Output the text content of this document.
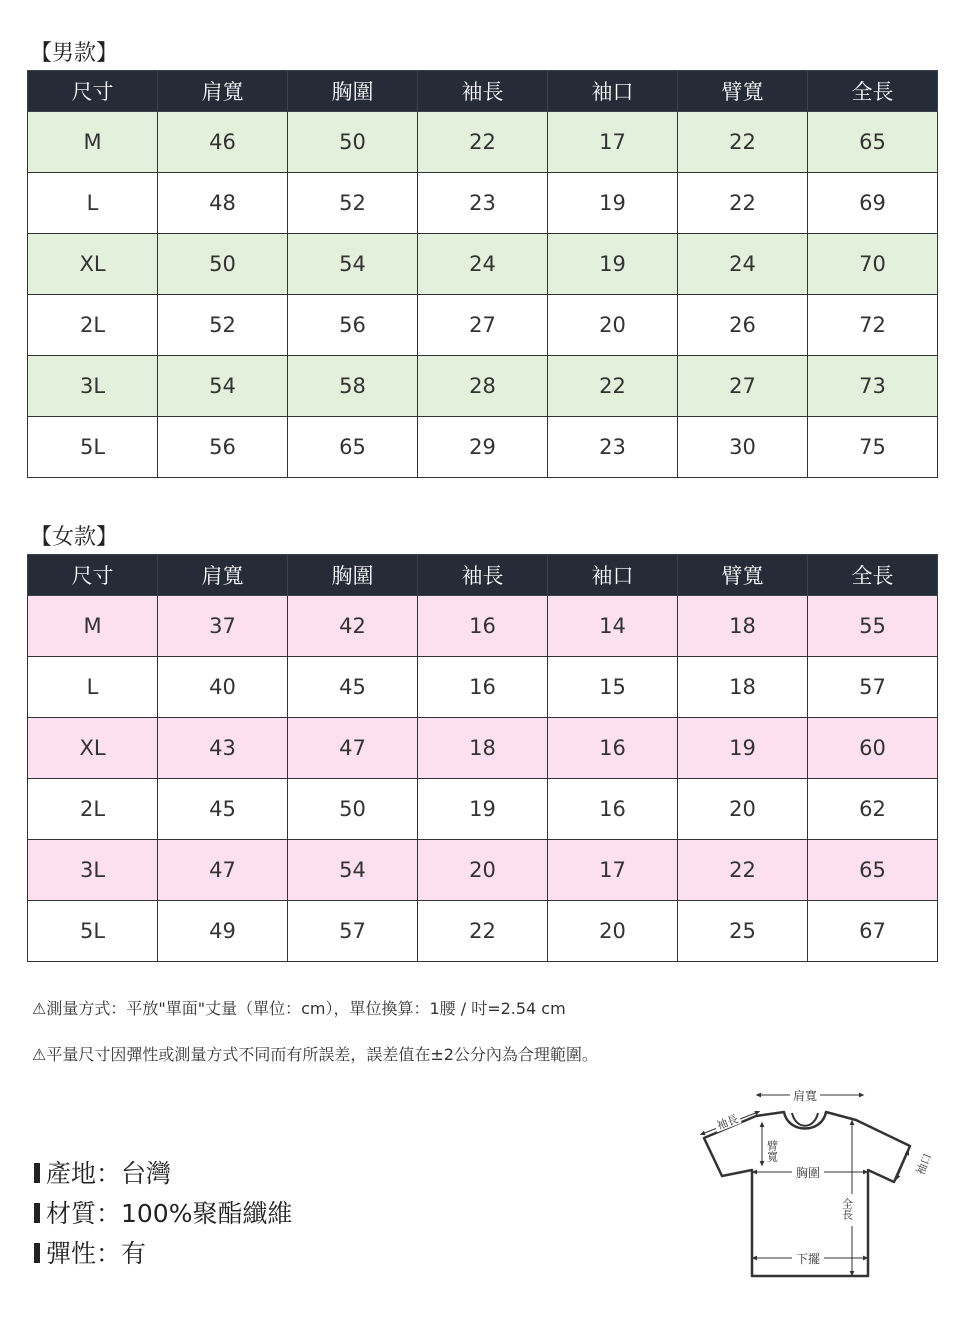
【男款】
尺寸	肩寬	胸圍	袖長	袖口	臂寬	全長
M	46	50	22	17	22	65
L	48	52	23	19	22	69
XL	50	54	24	19	24	70
2L	52	56	27	20	26	72
3L	54	58	28	22	27	73
5L	56	65	29	23	30	75
【女款】
尺寸	肩寬	胸圍	袖長	袖口	臂寬	全長
M	37	42	16	14	18	55
L	40	45	16	15	18	57
XL	43	47	18	16	19	60
2L	45	50	19	16	20	62
3L	47	54	20	17	22	65
5L	49	57	22	20	25	67
⚠測量方式：平放"單面"丈量（單位：cm），單位換算：1腰 / 吋=2.54 cm
⚠平量尺寸因彈性或測量方式不同而有所誤差，誤差值在±2公分內為合理範圍。
產地：台灣
材質：100%聚酯纖維
彈性：有
肩寬
袖長
臂寬
胸圍
全長
下擺
袖口
